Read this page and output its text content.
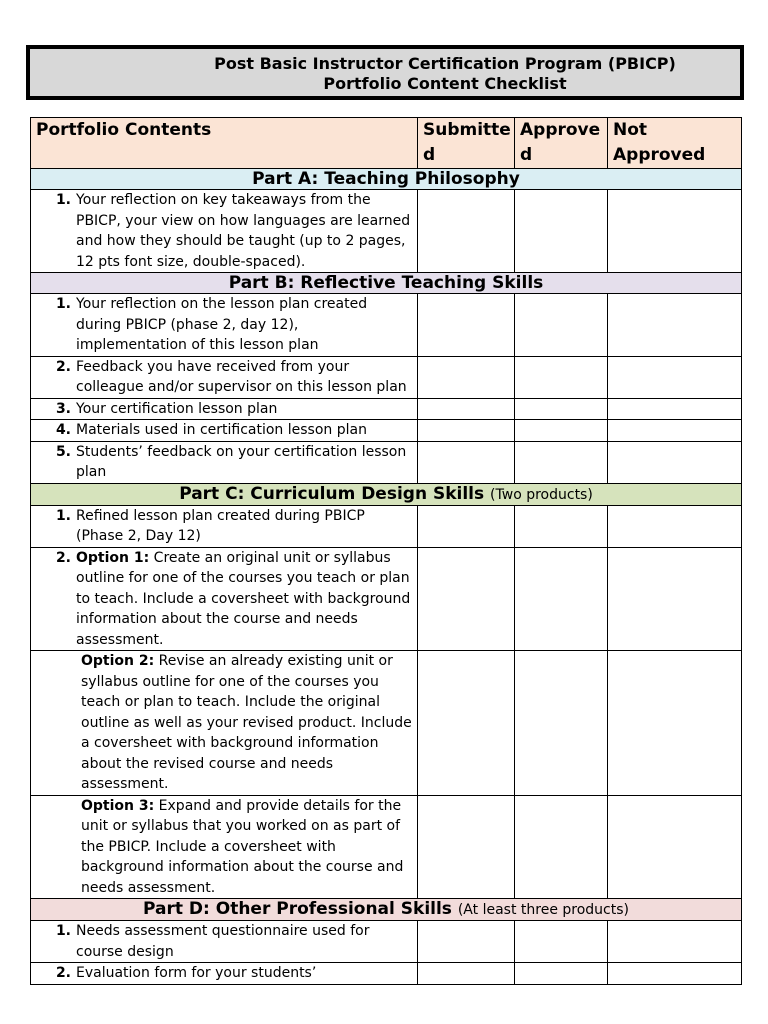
Post Basic Instructor Certification Program (PBICP)
Portfolio Content Checklist
Portfolio Contents	Submitted	Approved	Not Approved
Part A: Teaching Philosophy			

1. Your reflection on key takeaways from the PBICP, your view on how languages are learned and how they should be taught (up to 2 pages, 12 pts font size, double-spaced).			

Part B: Reflective Teaching Skills			

1. Your reflection on the lesson plan created during PBICP (phase 2, day 12), implementation of this lesson plan			

2. Feedback you have received from your colleague and/or supervisor on this lesson plan			

3. Your certification lesson plan			

4. Materials used in certification lesson plan			

5. Students’ feedback on your certification lesson plan			

Part C: Curriculum Design Skills (Two products)			

1. Refined lesson plan created during PBICP (Phase 2, Day 12)			

2. Option 1: Create an original unit or syllabus outline for one of the courses you teach or plan to teach. Include a coversheet with background information about the course and needs assessment.			

Option 2: Revise an already existing unit or syllabus outline for one of the courses you teach or plan to teach. Include the original outline as well as your revised product. Include a coversheet with background information about the revised course and needs assessment.			

Option 3: Expand and provide details for the unit or syllabus that you worked on as part of the PBICP. Include a coversheet with background information about the course and needs assessment.			

Part D: Other Professional Skills (At least three products)			

1. Needs assessment questionnaire used for course design			

2. Evaluation form for your students’			
